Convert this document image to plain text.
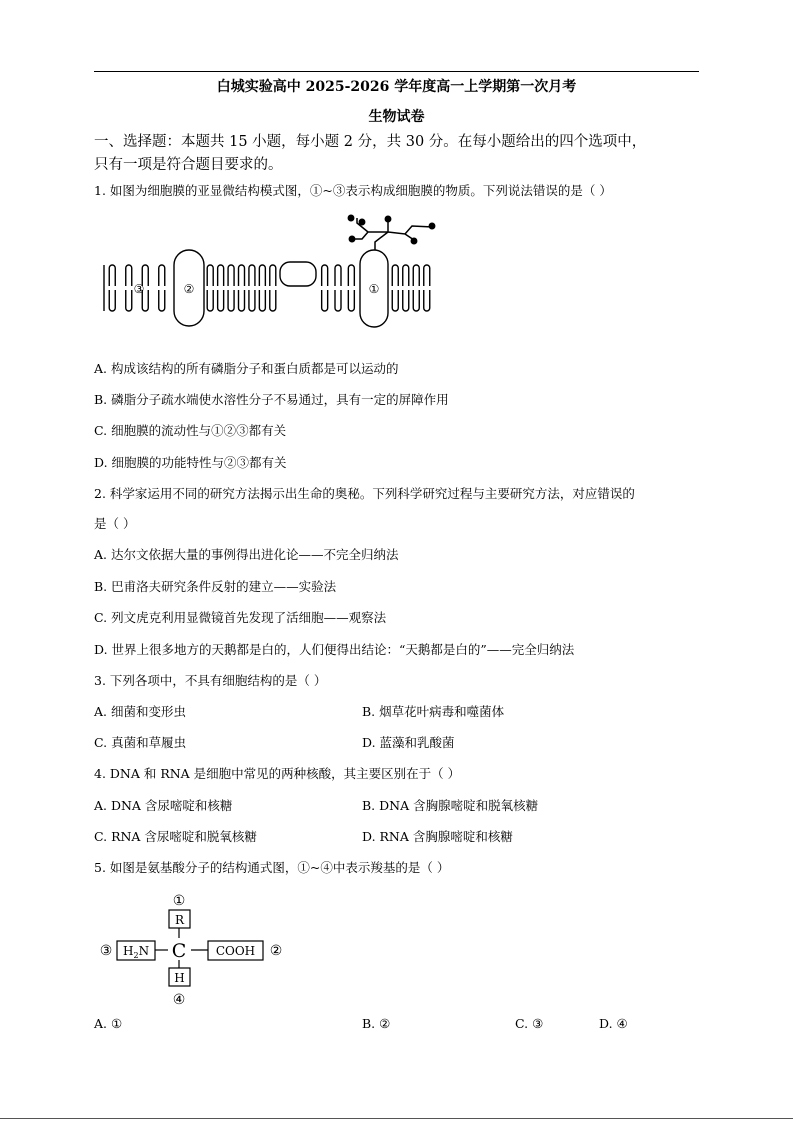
白城实验高中 2025-2026 学年度高一上学期第一次月考
生物试卷
一、选择题：本题共 15 小题，每小题 2 分，共 30 分。在每小题给出的四个选项中，
只有一项是符合题目要求的。
1. 如图为细胞膜的亚显微结构模式图，①~③表示构成细胞膜的物质。下列说法错误的是（ ）
③	②	①
A. 构成该结构的所有磷脂分子和蛋白质都是可以运动的
B. 磷脂分子疏水端使水溶性分子不易通过，具有一定的屏障作用
C. 细胞膜的流动性与①②③都有关
D. 细胞膜的功能特性与②③都有关
2. 科学家运用不同的研究方法揭示出生命的奥秘。下列科学研究过程与主要研究方法，对应错误的
是（ ）
A. 达尔文依据大量的事例得出进化论——不完全归纳法
B. 巴甫洛夫研究条件反射的建立——实验法
C. 列文虎克利用显微镜首先发现了活细胞——观察法
D. 世界上很多地方的天鹅都是白的，人们便得出结论：“天鹅都是白的”——完全归纳法
3. 下列各项中，不具有细胞结构的是（ ）
A. 细菌和变形虫	B. 烟草花叶病毒和噬菌体
C. 真菌和草履虫	D. 蓝藻和乳酸菌
4. DNA 和 RNA 是细胞中常见的两种核酸，其主要区别在于（ ）
A. DNA 含尿嘧啶和核糖	B. DNA 含胸腺嘧啶和脱氧核糖
C. RNA 含尿嘧啶和脱氧核糖	D. RNA 含胸腺嘧啶和核糖
5. 如图是氨基酸分子的结构通式图，①~④中表示羧基的是（ ）
①
R
③ $H_2N$ C COOH ②
H
④
A. ①	B. ②	C. ③	D. ④
